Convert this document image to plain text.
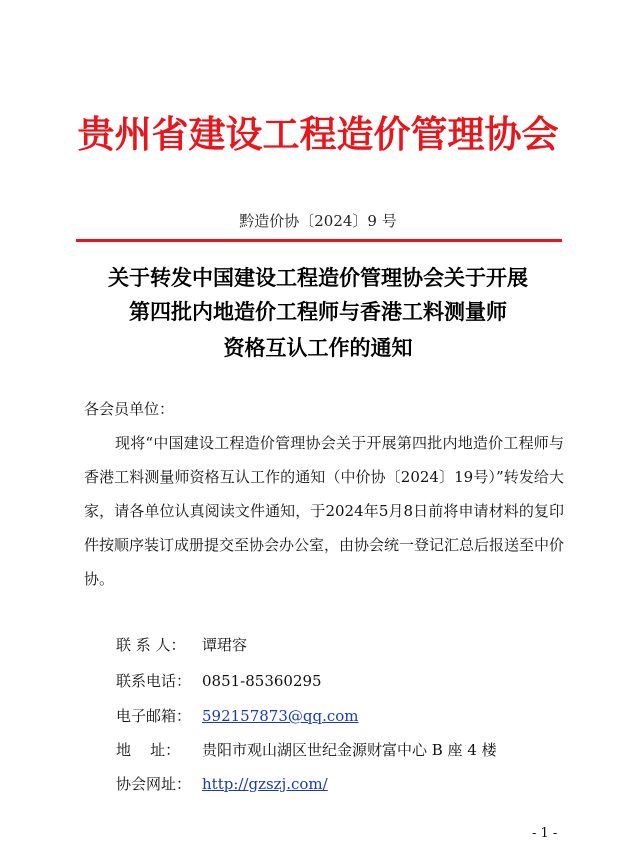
贵州省建设工程造价管理协会
黔造价协〔2024〕9 号
关于转发中国建设工程造价管理协会关于开展
第四批内地造价工程师与香港工料测量师
资格互认工作的通知
各会员单位：
现将“中国建设工程造价管理协会关于开展第四批内地造价工程师与香港工料测量师资格互认工作的通知（中价协〔2024〕19号）”转发给大家，请各单位认真阅读文件通知，于2024年5月8日前将申请材料的复印件按顺序装订成册提交至协会办公室，由协会统一登记汇总后报送至中价协。
联 系 人： 谭珺容
联系电话： 0851-85360295
电子邮箱： 592157873@qq.com
地    址： 贵阳市观山湖区世纪金源财富中心 B 座 4 楼
协会网址： http://gzszj.com/
- 1 -
